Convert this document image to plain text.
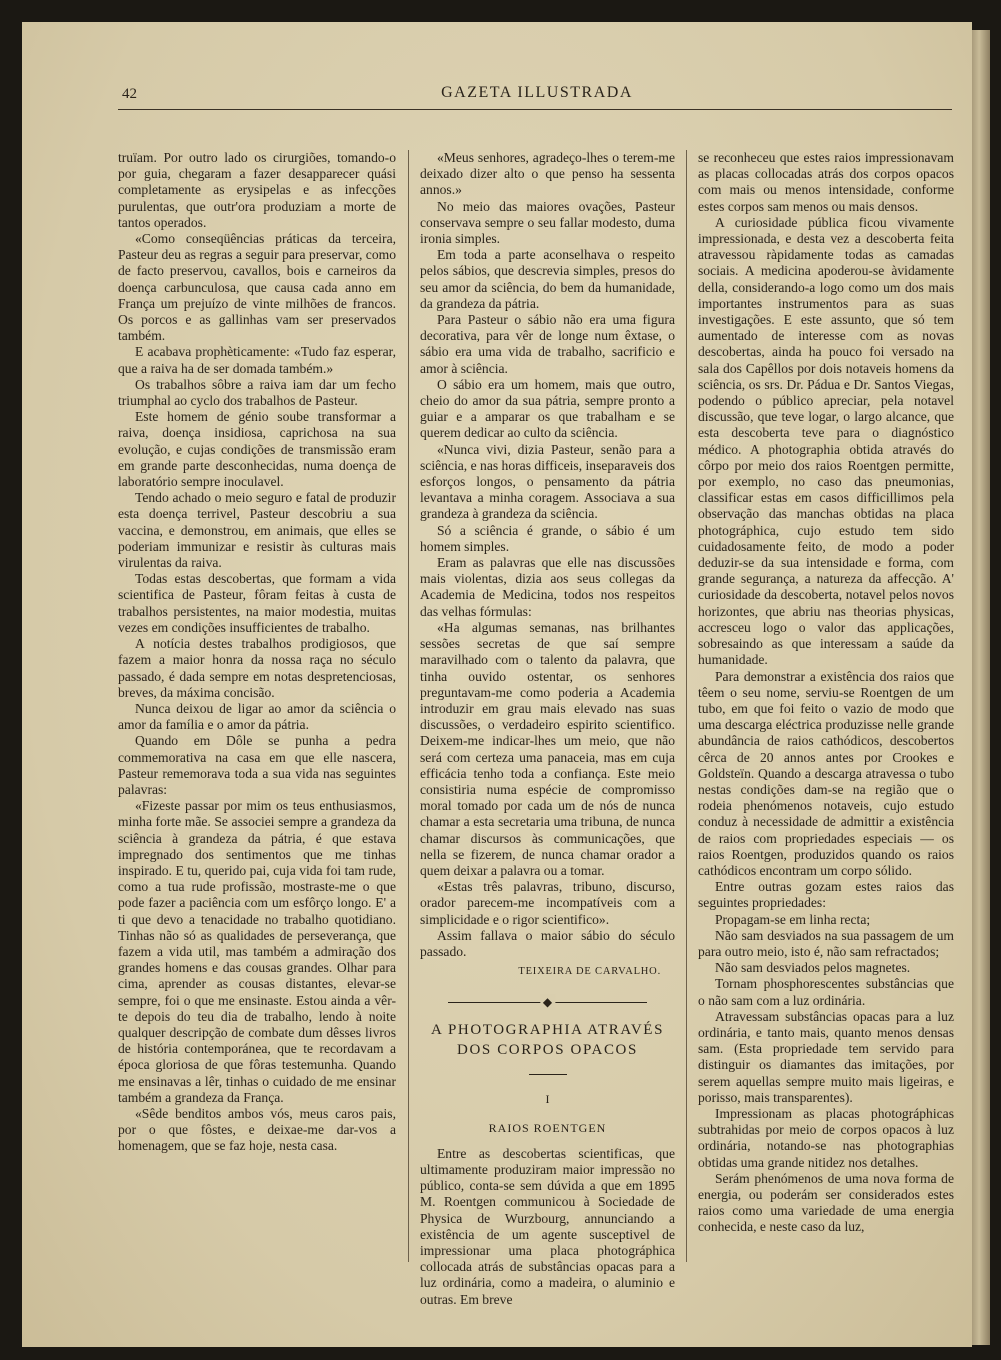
42	GAZETA ILLUSTRADA

truïam. Por outro lado os cirurgiões, tomando-o por guia, chegaram a fazer desapparecer quási completamente as erysipelas e as infecções purulentas, que outr'ora produziam a morte de tantos operados.

«Como conseqüências práticas da terceira, Pasteur deu as regras a seguir para preservar, como de facto preservou, cavallos, bois e carneiros da doença carbunculosa, que causa cada anno em França um prejuízo de vinte milhões de francos. Os porcos e as gallinhas vam ser preservados também.

E acabava prophèticamente: «Tudo faz esperar, que a raiva ha de ser domada também.»

Os trabalhos sôbre a raiva iam dar um fecho triumphal ao cyclo dos trabalhos de Pasteur.

Este homem de génio soube transformar a raiva, doença insidiosa, caprichosa na sua evolução, e cujas condições de transmissão eram em grande parte desconhecidas, numa doença de laboratório sempre inoculavel.

Tendo achado o meio seguro e fatal de produzir esta doença terrivel, Pasteur descobriu a sua vaccina, e demonstrou, em animais, que elles se poderiam immunizar e resistir às culturas mais virulentas da raiva.

Todas estas descobertas, que formam a vida scientifica de Pasteur, fôram feitas à custa de trabalhos persistentes, na maior modestia, muitas vezes em condições insufficientes de trabalho.

A notícia destes trabalhos prodigiosos, que fazem a maior honra da nossa raça no século passado, é dada sempre em notas despretenciosas, breves, da máxima concisão.

Nunca deixou de ligar ao amor da sciência o amor da família e o amor da pátria.

Quando em Dôle se punha a pedra commemorativa na casa em que elle nascera, Pasteur rememorava toda a sua vida nas seguintes palavras:

«Fizeste passar por mim os teus enthusiasmos, minha forte mãe. Se associei sempre a grandeza da sciência à grandeza da pátria, é que estava impregnado dos sentimentos que me tinhas inspirado. E tu, querido pai, cuja vida foi tam rude, como a tua rude profissão, mostraste-me o que pode fazer a paciência com um esfôrço longo. E' a ti que devo a tenacidade no trabalho quotidiano. Tinhas não só as qualidades de perseverança, que fazem a vida util, mas também a admiração dos grandes homens e das cousas grandes. Olhar para cima, aprender as cousas distantes, elevar-se sempre, foi o que me ensinaste. Estou ainda a vêr-te depois do teu dia de trabalho, lendo à noite qualquer descripção de combate dum dêsses livros de história contemporánea, que te recordavam a época gloriosa de que fôras testemunha. Quando me ensinavas a lêr, tinhas o cuidado de me ensinar também a grandeza da França.

«Sêde benditos ambos vós, meus caros pais, por o que fôstes, e deixae-me dar-vos a homenagem, que se faz hoje, nesta casa.

«Meus senhores, agradeço-lhes o terem-me deixado dizer alto o que penso ha sessenta annos.»

No meio das maiores ovações, Pasteur conservava sempre o seu fallar modesto, duma ironia simples.

Em toda a parte aconselhava o respeito pelos sábios, que descrevia simples, presos do seu amor da sciência, do bem da humanidade, da grandeza da pátria.

Para Pasteur o sábio não era uma figura decorativa, para vêr de longe num êxtase, o sábio era uma vida de trabalho, sacrificio e amor à sciência.

O sábio era um homem, mais que outro, cheio do amor da sua pátria, sempre pronto a guiar e a amparar os que trabalham e se querem dedicar ao culto da sciência.

«Nunca vivi, dizia Pasteur, senão para a sciência, e nas horas difficeis, inseparaveis dos esforços longos, o pensamento da pátria levantava a minha coragem. Associava a sua grandeza à grandeza da sciência.

Só a sciência é grande, o sábio é um homem simples.

Eram as palavras que elle nas discussões mais violentas, dizia aos seus collegas da Academia de Medicina, todos nos respeitos das velhas fórmulas:

«Ha algumas semanas, nas brilhantes sessões secretas de que saí sempre maravilhado com o talento da palavra, que tinha ouvido ostentar, os senhores preguntavam-me como poderia a Academia introduzir em grau mais elevado nas suas discussões, o verdadeiro espirito scientifico. Deixem-me indicar-lhes um meio, que não será com certeza uma panaceia, mas em cuja efficácia tenho toda a confiança. Este meio consistiria numa espécie de compromisso moral tomado por cada um de nós de nunca chamar a esta secretaria uma tribuna, de nunca chamar discursos às communicações, que nella se fizerem, de nunca chamar orador a quem deixar a palavra ou a tomar.

«Estas três palavras, tribuno, discurso, orador parecem-me incompatíveis com a simplicidade e o rigor scientifico».

Assim fallava o maior sábio do século passado.

TEIXEIRA DE CARVALHO.
◆
A PHOTOGRAPHIA ATRAVÉS
DOS CORPOS OPACOS
I
RAIOS ROENTGEN

Entre as descobertas scientificas, que ultimamente produziram maior impressão no público, conta-se sem dúvida a que em 1895 M. Roentgen communicou à Sociedade de Physica de Wurzbourg, annunciando a existência de um agente susceptivel de impressionar uma placa photográphica collocada atrás de substâncias opacas para a luz ordinária, como a madeira, o aluminio e outras. Em breve

se reconheceu que estes raios impressionavam as placas collocadas atrás dos corpos opacos com mais ou menos intensidade, conforme estes corpos sam menos ou mais densos.

A curiosidade pública ficou vivamente impressionada, e desta vez a descoberta feita atravessou ràpidamente todas as camadas sociais. A medicina apoderou-se àvidamente della, considerando-a logo como um dos mais importantes instrumentos para as suas investigações. E este assunto, que só tem aumentado de interesse com as novas descobertas, ainda ha pouco foi versado na sala dos Capêllos por dois notaveis homens da sciência, os srs. Dr. Pádua e Dr. Santos Viegas, podendo o público apreciar, pela notavel discussão, que teve logar, o largo alcance, que esta descoberta teve para o diagnóstico médico. A photographia obtida através do côrpo por meio dos raios Roentgen permitte, por exemplo, no caso das pneumonias, classificar estas em casos difficillimos pela observação das manchas obtidas na placa photográphica, cujo estudo tem sido cuidadosamente feito, de modo a poder deduzir-se da sua intensidade e forma, com grande segurança, a natureza da affecção. A' curiosidade da descoberta, notavel pelos novos horizontes, que abriu nas theorias physicas, accresceu logo o valor das applicações, sobresaindo as que interessam a saúde da humanidade.

Para demonstrar a existência dos raios que têem o seu nome, serviu-se Roentgen de um tubo, em que foi feito o vazio de modo que uma descarga eléctrica produzisse nelle grande abundância de raios cathódicos, descobertos cêrca de 20 annos antes por Crookes e Goldsteïn. Quando a descarga atravessa o tubo nestas condições dam-se na região que o rodeia phenómenos notaveis, cujo estudo conduz à necessidade de admittir a existência de raios com propriedades especiais — os raios Roentgen, produzidos quando os raios cathódicos encontram um corpo sólido.

Entre outras gozam estes raios das seguintes propriedades:

Propagam-se em linha recta;

Não sam desviados na sua passagem de um para outro meio, isto é, não sam refractados;

Não sam desviados pelos magnetes.

Tornam phosphorescentes substâncias que o não sam com a luz ordinária.

Atravessam substâncias opacas para a luz ordinária, e tanto mais, quanto menos densas sam. (Esta propriedade tem servido para distinguir os diamantes das imitações, por serem aquellas sempre muito mais ligeiras, e porisso, mais transparentes).

Impressionam as placas photográphicas subtrahidas por meio de corpos opacos à luz ordinária, notando-se nas photographias obtidas uma grande nitidez nos detalhes.

Serám phenómenos de uma nova forma de energia, ou poderám ser considerados estes raios como uma variedade de uma energia conhecida, e neste caso da luz,
